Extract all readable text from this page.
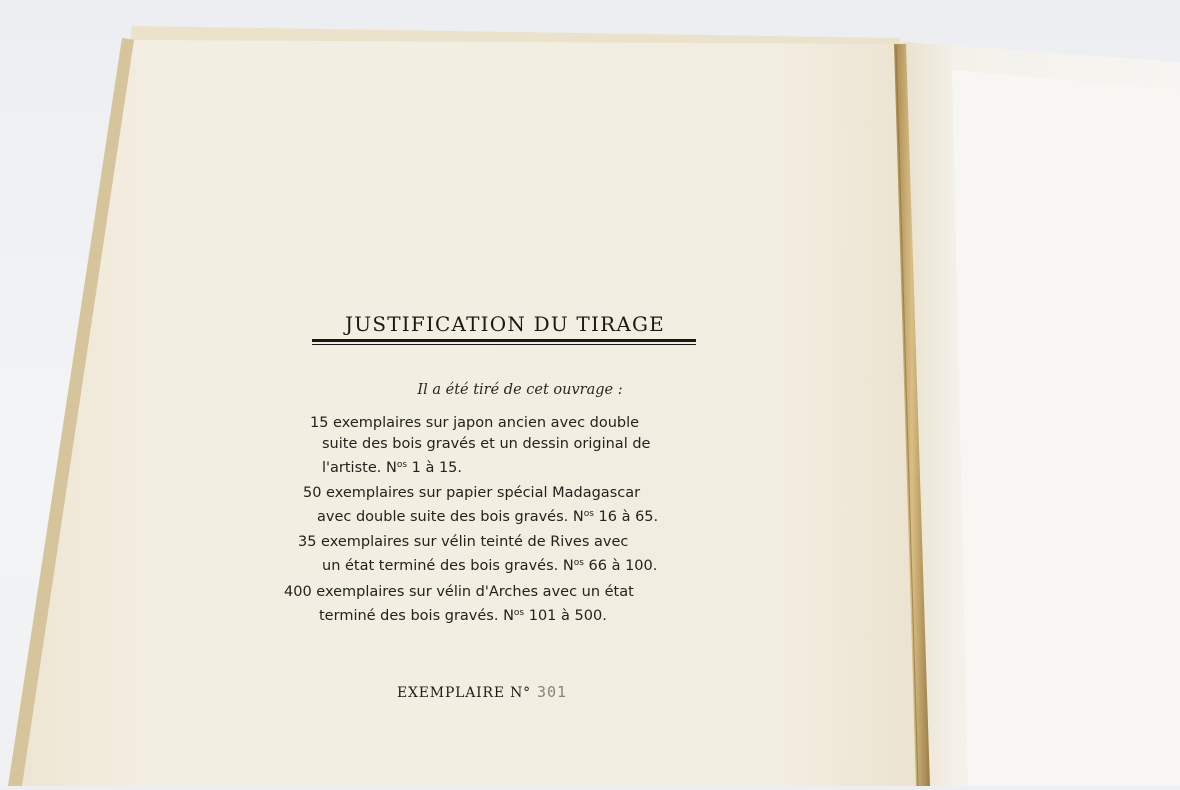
JUSTIFICATION DU TIRAGE
Il a été tiré de cet ouvrage :
15 exemplaires sur japon ancien avec double
suite des bois gravés et un dessin original de
l'artiste. $N^{os}$ 1 à 15.
50 exemplaires sur papier spécial Madagascar
avec double suite des bois gravés. $N^{os}$ 16 à 65.
35 exemplaires sur vélin teinté de Rives avec
un état terminé des bois gravés. $N^{os}$ 66 à 100.
400 exemplaires sur vélin d'Arches avec un état
terminé des bois gravés. $N^{os}$ 101 à 500.
EXEMPLAIRE N° 301
